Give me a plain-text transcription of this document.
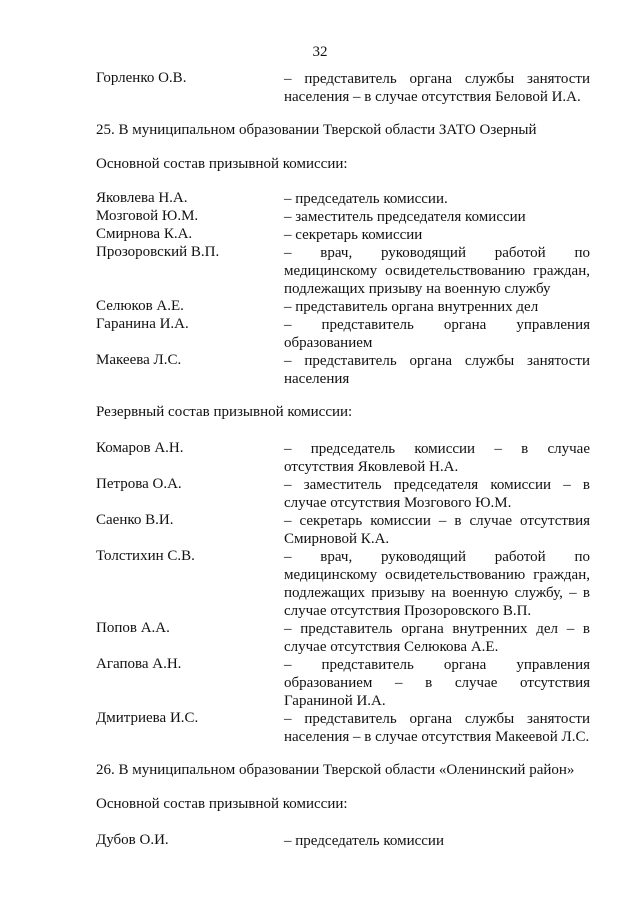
32
Горленко О.В.	– представитель органа службы занятости
населения – в случае отсутствия Беловой И.А.
25. В муниципальном образовании Тверской области ЗАТО Озерный
Основной состав призывной комиссии:
Яковлева Н.А.	– председатель комиссии.
Мозговой Ю.М.	– заместитель председателя комиссии
Смирнова К.А.	– секретарь комиссии
Прозоровский В.П.	– врач, руководящий работой по
медицинскому освидетельствованию граждан,
подлежащих призыву на военную службу
Селюков А.Е.	– представитель органа внутренних дел
Гаранина И.А.	– представитель органа управления
образованием
Макеева Л.С.	– представитель органа службы занятости
населения
Резервный состав призывной комиссии:
Комаров А.Н.	– председатель комиссии – в случае
отсутствия Яковлевой Н.А.
Петрова О.А.	– заместитель председателя комиссии – в
случае отсутствия Мозгового Ю.М.
Саенко В.И.	– секретарь комиссии – в случае отсутствия
Смирновой К.А.
Толстихин С.В.	– врач, руководящий работой по
медицинскому освидетельствованию граждан,
подлежащих призыву на военную службу, – в
случае отсутствия Прозоровского В.П.
Попов А.А.	– представитель органа внутренних дел – в
случае отсутствия Селюкова А.Е.
Агапова А.Н.	– представитель органа управления
образованием – в случае отсутствия
Гараниной И.А.
Дмитриева И.С.	– представитель органа службы занятости
населения – в случае отсутствия Макеевой Л.С.
26. В муниципальном образовании Тверской области «Оленинский район»
Основной состав призывной комиссии:
Дубов О.И.	– председатель комиссии
